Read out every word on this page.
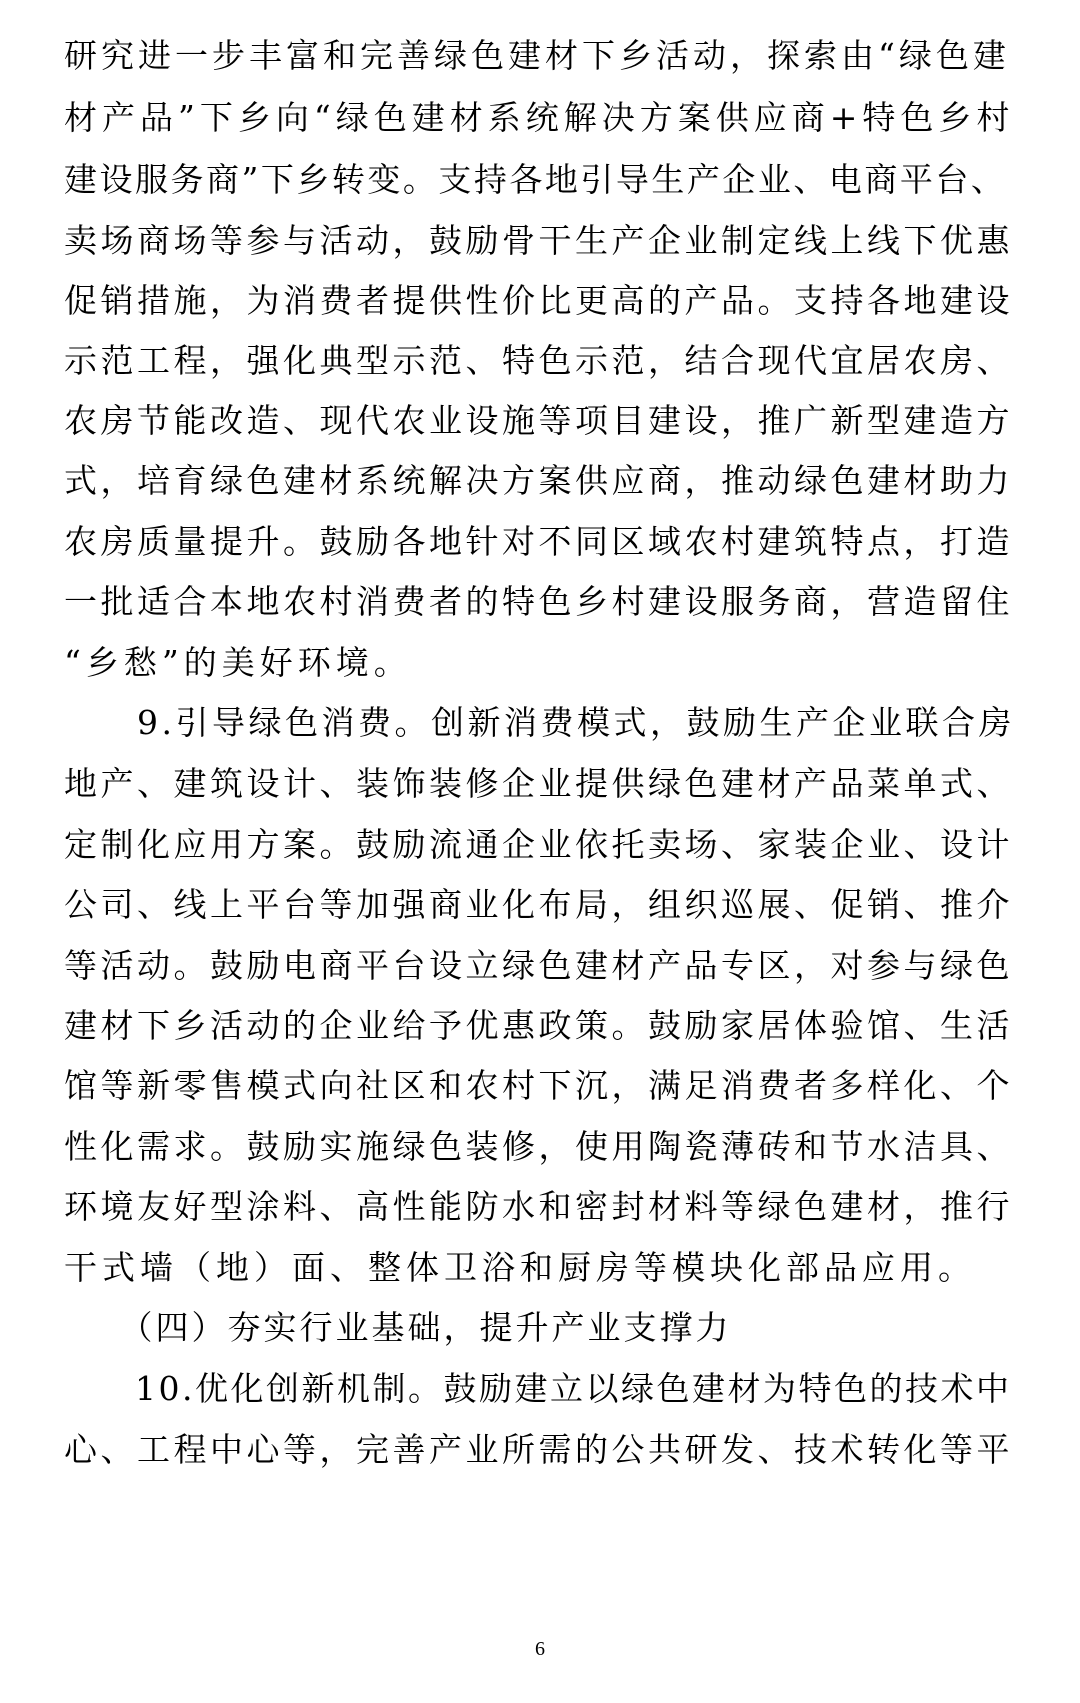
研究进一步丰富和完善绿色建材下乡活动，探索由“绿色建
材产品”下乡向“绿色建材系统解决方案供应商+特色乡村
建设服务商”下乡转变。支持各地引导生产企业、电商平台、
卖场商场等参与活动，鼓励骨干生产企业制定线上线下优惠
促销措施，为消费者提供性价比更高的产品。支持各地建设
示范工程，强化典型示范、特色示范，结合现代宜居农房、
农房节能改造、现代农业设施等项目建设，推广新型建造方
式，培育绿色建材系统解决方案供应商，推动绿色建材助力
农房质量提升。鼓励各地针对不同区域农村建筑特点，打造
一批适合本地农村消费者的特色乡村建设服务商，营造留住
“乡愁”的美好环境。
　　9.引导绿色消费。创新消费模式，鼓励生产企业联合房
地产、建筑设计、装饰装修企业提供绿色建材产品菜单式、
定制化应用方案。鼓励流通企业依托卖场、家装企业、设计
公司、线上平台等加强商业化布局，组织巡展、促销、推介
等活动。鼓励电商平台设立绿色建材产品专区，对参与绿色
建材下乡活动的企业给予优惠政策。鼓励家居体验馆、生活
馆等新零售模式向社区和农村下沉，满足消费者多样化、个
性化需求。鼓励实施绿色装修，使用陶瓷薄砖和节水洁具、
环境友好型涂料、高性能防水和密封材料等绿色建材，推行
干式墙（地）面、整体卫浴和厨房等模块化部品应用。
　　（四）夯实行业基础，提升产业支撑力
　　10.优化创新机制。鼓励建立以绿色建材为特色的技术中
心、工程中心等，完善产业所需的公共研发、技术转化等平
6
